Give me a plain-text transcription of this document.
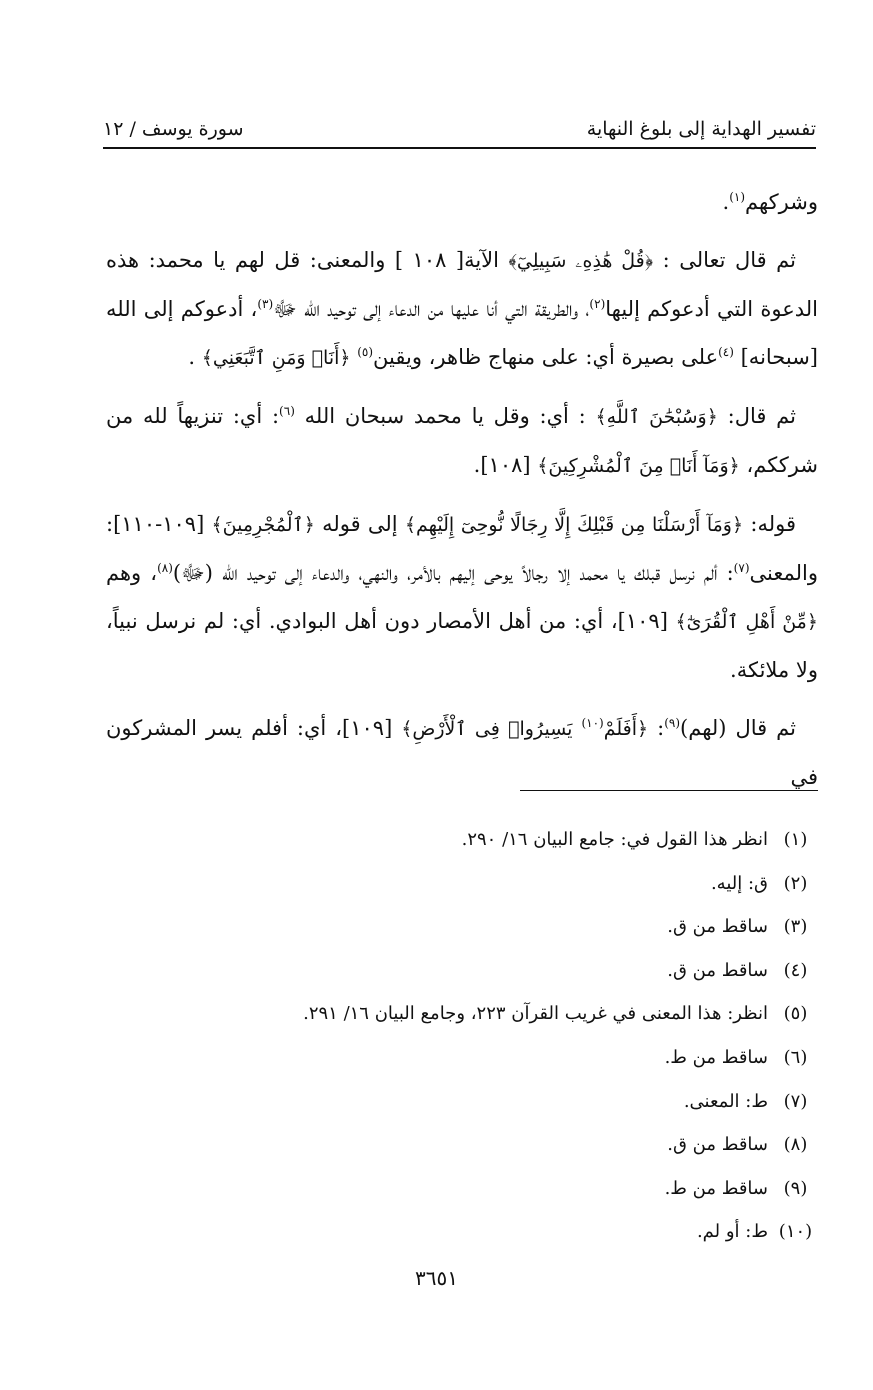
تفسير الهداية إلى بلوغ النهاية
سورة يوسف / ١٢

وشركهم$^{(١)}$.

ثم قال تعالى : ﴿قُلْ هَٰذِهِۦ سَبِيلِيٓ﴾ الآية[ ١٠٨ ] والمعنى: قل لهم يا محمد: هذه الدعوة التي أدعوكم إليها$^{(٢)}$، والطريقة التي أنا عليها من الدعاء إلى توحيد الله ﷻ$^{(٣)}$، أدعوكم إلى الله [سبحانه] $^{(٤)}$على بصيرة أي: على منهاج ظاهر، ويقين$^{(٥)}$ ﴿أَنَا۠ وَمَنِ ٱتَّبَعَنِي﴾ .

ثم قال: ﴿وَسُبْحَٰنَ ٱللَّهِ﴾ : أي: وقل يا محمد سبحان الله $^{(٦)}$: أي: تنزيهاً لله من شرككم، ﴿وَمَآ أَنَا۠ مِنَ ٱلْمُشْرِكِينَ﴾ [١٠٨].

قوله: ﴿وَمَآ أَرْسَلْنَا مِن قَبْلِكَ إِلَّا رِجَالًا نُّوحِىٓ إِلَيْهِم﴾ إلى قوله ﴿ٱلْمُجْرِمِينَ﴾ [١٠٩-١١٠]: والمعنى$^{(٧)}$: ألم نرسل قبلك يا محمد إلا رجالاً يوحى إليهم بالأمر، والنهي، والدعاء إلى توحيد الله (ﷻ)$^{(٨)}$، وهم ﴿مِّنْ أَهْلِ ٱلْقُرَىٰٓ﴾ [١٠٩]، أي: من أهل الأمصار دون أهل البوادي. أي: لم نرسل نبياً، ولا ملائكة.

ثم قال (لهم)$^{(٩)}$: ﴿أَفَلَمْ$^{(١٠)}$ يَسِيرُوا۟ فِى ٱلْأَرْضِ﴾ [١٠٩]، أي: أفلم يسر المشركون في

(١)
انظر هذا القول في: جامع البيان ١٦/ ٢٩٠.
(٢)
ق: إليه.
(٣)
ساقط من ق.
(٤)
ساقط من ق.
(٥)
انظر: هذا المعنى في غريب القرآن ٢٢٣، وجامع البيان ١٦/ ٢٩١.
(٦)
ساقط من ط.
(٧)
ط: المعنى.
(٨)
ساقط من ق.
(٩)
ساقط من ط.
(١٠)
ط: أو لم.
٣٦٥١
